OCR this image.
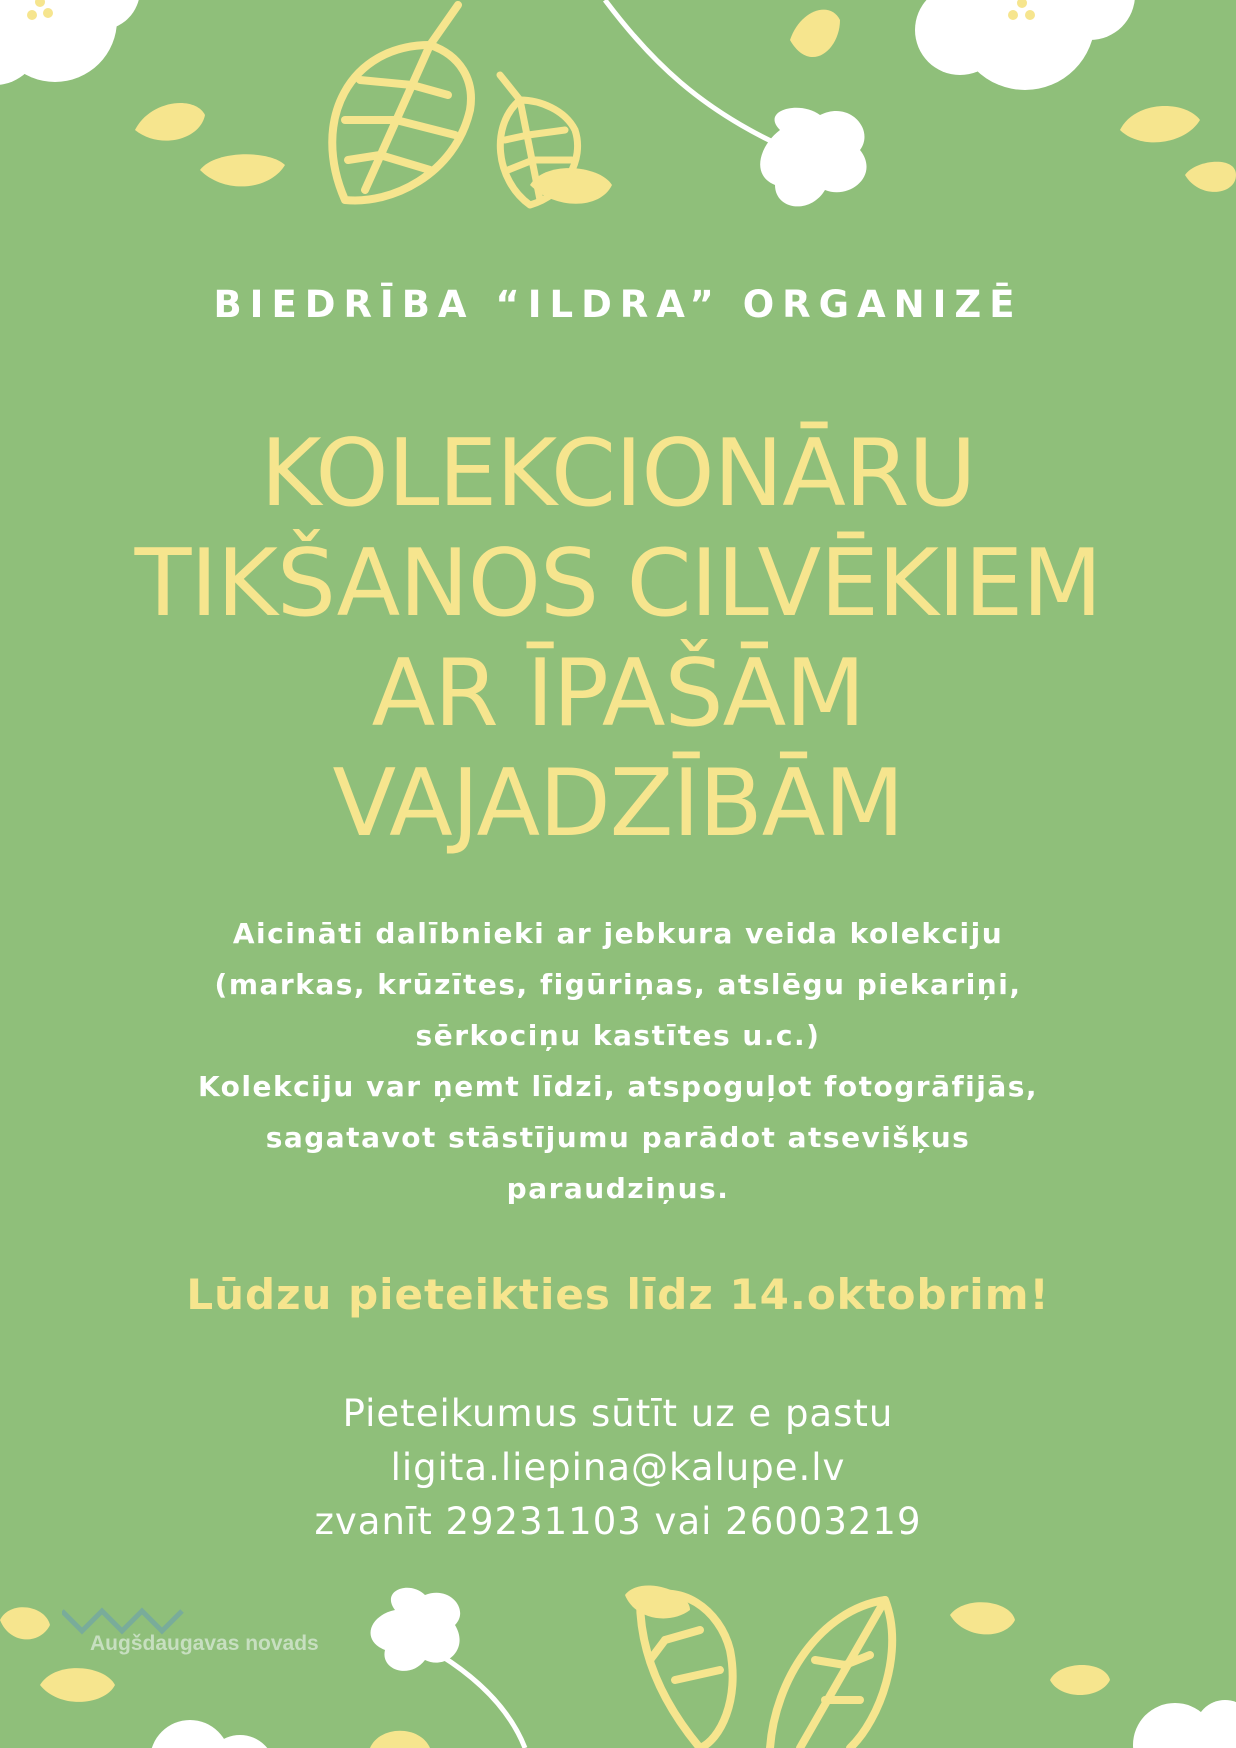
BIEDRĪBA “ILDRA” ORGANIZĒ
KOLEKCIONĀRU
TIKŠANOS CILVĒKIEM
AR ĪPAŠĀM
VAJADZĪBĀM
Aicināti dalībnieki ar jebkura veida kolekciju
(markas, krūzītes, figūriņas, atslēgu piekariņi,
sērkociņu kastītes u.c.)
Kolekciju var ņemt līdzi, atspoguļot fotogrāfijās,
sagatavot stāstījumu parādot atsevišķus
paraudziņus.
Lūdzu pieteikties līdz 14.oktobrim!
Pieteikumus sūtīt uz e pastu
ligita.liepina@kalupe.lv
zvanīt 29231103 vai 26003219
Augšdaugavas novads
